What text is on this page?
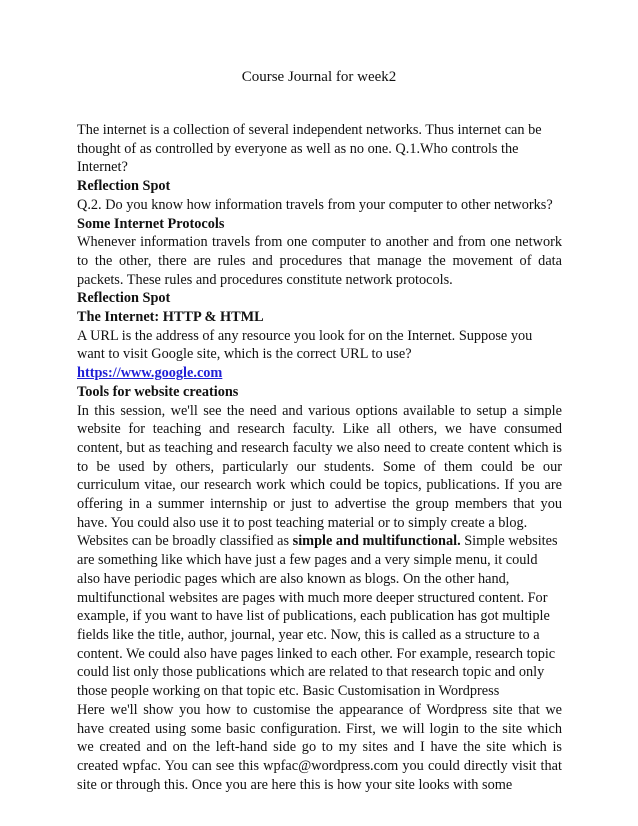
Course Journal for week2

The internet is a collection of several independent networks. Thus internet can be thought of as controlled by everyone as well as no one. Q.1.Who controls the Internet?

Reflection Spot

Q.2. Do you know how information travels from your computer to other networks?

Some Internet Protocols

Whenever information travels from one computer to another and from one network to the other, there are rules and procedures that manage the movement of data packets. These rules and procedures constitute network protocols.

Reflection Spot

The Internet: HTTP & HTML

A URL is the address of any resource you look for on the Internet. Suppose you want to visit Google site, which is the correct URL to use?

https://www.google.com

Tools for website creations

In this session, we'll see the need and various options available to setup a simple website for teaching and research faculty. Like all others, we have consumed content, but as teaching and research faculty we also need to create content which is to be used by others, particularly our students. Some of them could be our curriculum vitae, our research work which could be topics, publications. If you are offering in a summer internship or just to advertise the group members that you have. You could also use it to post teaching material or to simply create a blog.

Websites can be broadly classified as simple and multifunctional. Simple websites are something like which have just a few pages and a very simple menu, it could also have periodic pages which are also known as blogs. On the other hand, multifunctional websites are pages with much more deeper structured content. For example, if you want to have list of publications, each publication has got multiple fields like the title, author, journal, year etc. Now, this is called as a structure to a content. We could also have pages linked to each other. For example, research topic could list only those publications which are related to that research topic and only those people working on that topic etc. Basic Customisation in Wordpress

Here we'll show you how to customise the appearance of Wordpress site that we have created using some basic configuration. First, we will login to the site which we created and on the left-hand side go to my sites and I have the site which is created wpfac. You can see this wpfac@wordpress.com you could directly visit that site or through this. Once you are here this is how your site looks with some
